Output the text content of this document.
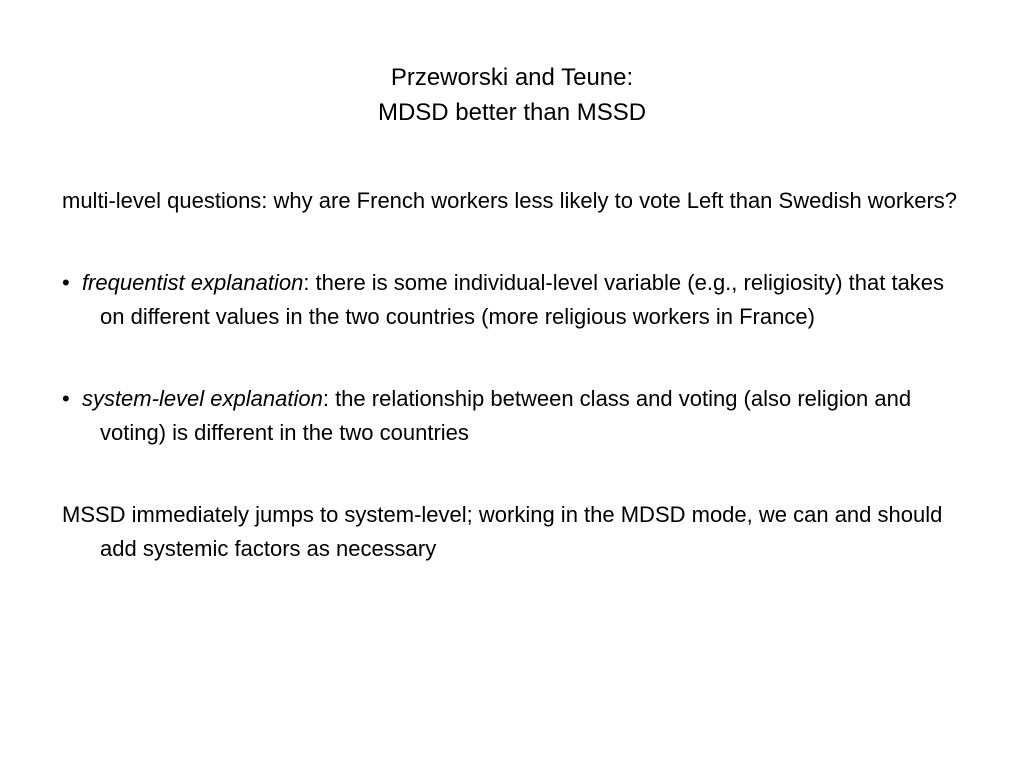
Przeworski and Teune:
MDSD better than MSSD

multi-level questions: why are French workers less likely to vote Left than Swedish workers?

• frequentist explanation: there is some individual-level variable (e.g., religiosity) that takes on different values in the two countries (more religious workers in France)

• system-level explanation: the relationship between class and voting (also religion and voting) is different in the two countries

MSSD immediately jumps to system-level; working in the MDSD mode, we can and should add systemic factors as necessary
